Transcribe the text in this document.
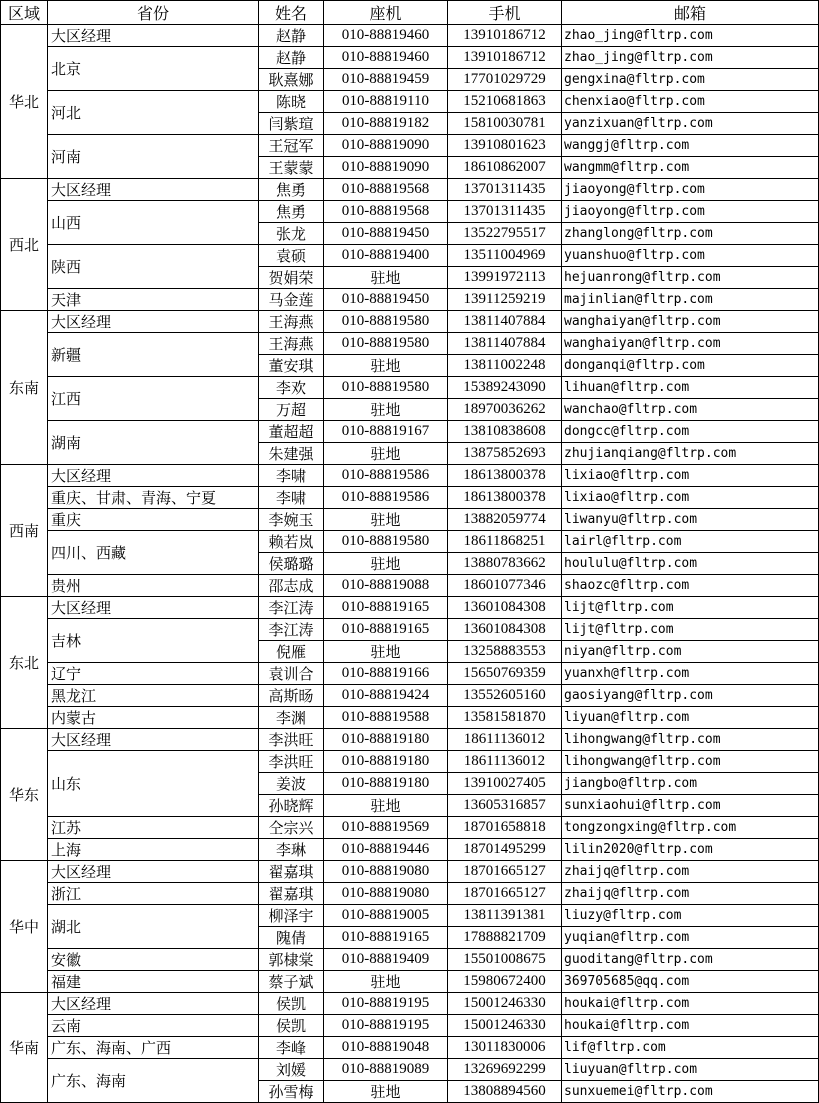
区域	省份	姓名	座机	手机	邮箱
华北	大区经理	赵静	010-88819460	13910186712	zhao_jing@fltrp.com
	北京	赵静	010-88819460	13910186712	zhao_jing@fltrp.com
		耿熹娜	010-88819459	17701029729	gengxina@fltrp.com
	河北	陈晓	010-88819110	15210681863	chenxiao@fltrp.com
		闫紫瑄	010-88819182	15810030781	yanzixuan@fltrp.com
	河南	王冠军	010-88819090	13910801623	wanggj@fltrp.com
		王蒙蒙	010-88819090	18610862007	wangmm@fltrp.com
西北	大区经理	焦勇	010-88819568	13701311435	jiaoyong@fltrp.com
	山西	焦勇	010-88819568	13701311435	jiaoyong@fltrp.com
		张龙	010-88819450	13522795517	zhanglong@fltrp.com
	陕西	袁硕	010-88819400	13511004969	yuanshuo@fltrp.com
		贺娟荣	驻地	13991972113	hejuanrong@fltrp.com
	天津	马金莲	010-88819450	13911259219	majinlian@fltrp.com
东南	大区经理	王海燕	010-88819580	13811407884	wanghaiyan@fltrp.com
	新疆	王海燕	010-88819580	13811407884	wanghaiyan@fltrp.com
		董安琪	驻地	13811002248	donganqi@fltrp.com
	江西	李欢	010-88819580	15389243090	lihuan@fltrp.com
		万超	驻地	18970036262	wanchao@fltrp.com
	湖南	董超超	010-88819167	13810838608	dongcc@fltrp.com
		朱建强	驻地	13875852693	zhujianqiang@fltrp.com
西南	大区经理	李啸	010-88819586	18613800378	lixiao@fltrp.com
	重庆、甘肃、青海、宁夏	李啸	010-88819586	18613800378	lixiao@fltrp.com
	重庆	李婉玉	驻地	13882059774	liwanyu@fltrp.com
	四川、西藏	赖若岚	010-88819580	18611868251	lairl@fltrp.com
		侯璐璐	驻地	13880783662	hoululu@fltrp.com
	贵州	邵志成	010-88819088	18601077346	shaozc@fltrp.com
东北	大区经理	李江涛	010-88819165	13601084308	lijt@fltrp.com
	吉林	李江涛	010-88819165	13601084308	lijt@fltrp.com
		倪雁	驻地	13258883553	niyan@fltrp.com
	辽宁	袁训合	010-88819166	15650769359	yuanxh@fltrp.com
	黑龙江	高斯旸	010-88819424	13552605160	gaosiyang@fltrp.com
	内蒙古	李渊	010-88819588	13581581870	liyuan@fltrp.com
华东	大区经理	李洪旺	010-88819180	18611136012	lihongwang@fltrp.com
	山东	李洪旺	010-88819180	18611136012	lihongwang@fltrp.com
		姜波	010-88819180	13910027405	jiangbo@fltrp.com
		孙晓辉	驻地	13605316857	sunxiaohui@fltrp.com
	江苏	仝宗兴	010-88819569	18701658818	tongzongxing@fltrp.com
	上海	李琳	010-88819446	18701495299	lilin2020@fltrp.com
华中	大区经理	翟嘉琪	010-88819080	18701665127	zhaijq@fltrp.com
	浙江	翟嘉琪	010-88819080	18701665127	zhaijq@fltrp.com
	湖北	柳泽宇	010-88819005	13811391381	liuzy@fltrp.com
		隗倩	010-88819165	17888821709	yuqian@fltrp.com
	安徽	郭棣棠	010-88819409	15501008675	guoditang@fltrp.com
	福建	蔡子斌	驻地	15980672400	369705685@qq.com
华南	大区经理	侯凯	010-88819195	15001246330	houkai@fltrp.com
	云南	侯凯	010-88819195	15001246330	houkai@fltrp.com
	广东、海南、广西	李峰	010-88819048	13011830006	lif@fltrp.com
	广东、海南	刘媛	010-88819089	13269692299	liuyuan@fltrp.com
		孙雪梅	驻地	13808894560	sunxuemei@fltrp.com
